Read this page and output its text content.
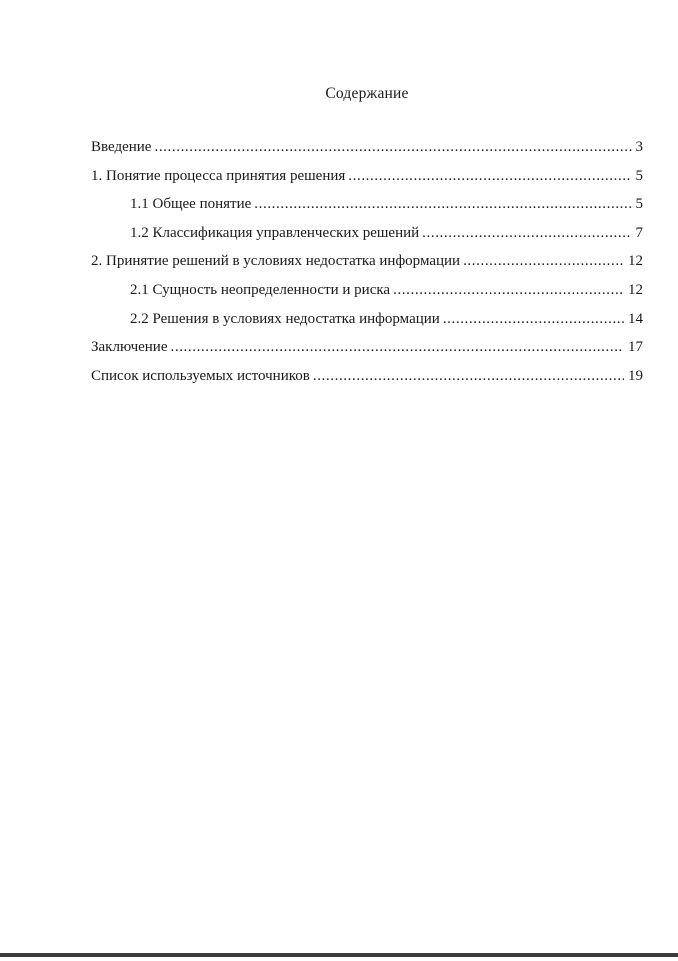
Содержание
Введение .....	3
1. Понятие процесса принятия решения .....	5
1.1 Общее понятие .....	5
1.2 Классификация управленческих решений .....	7
2. Принятие решений в условиях недостатка информации .....	12
2.1 Сущность неопределенности и риска .....	12
2.2 Решения в условиях недостатка информации .....	14
Заключение .....	17
Список используемых источников .....	19
